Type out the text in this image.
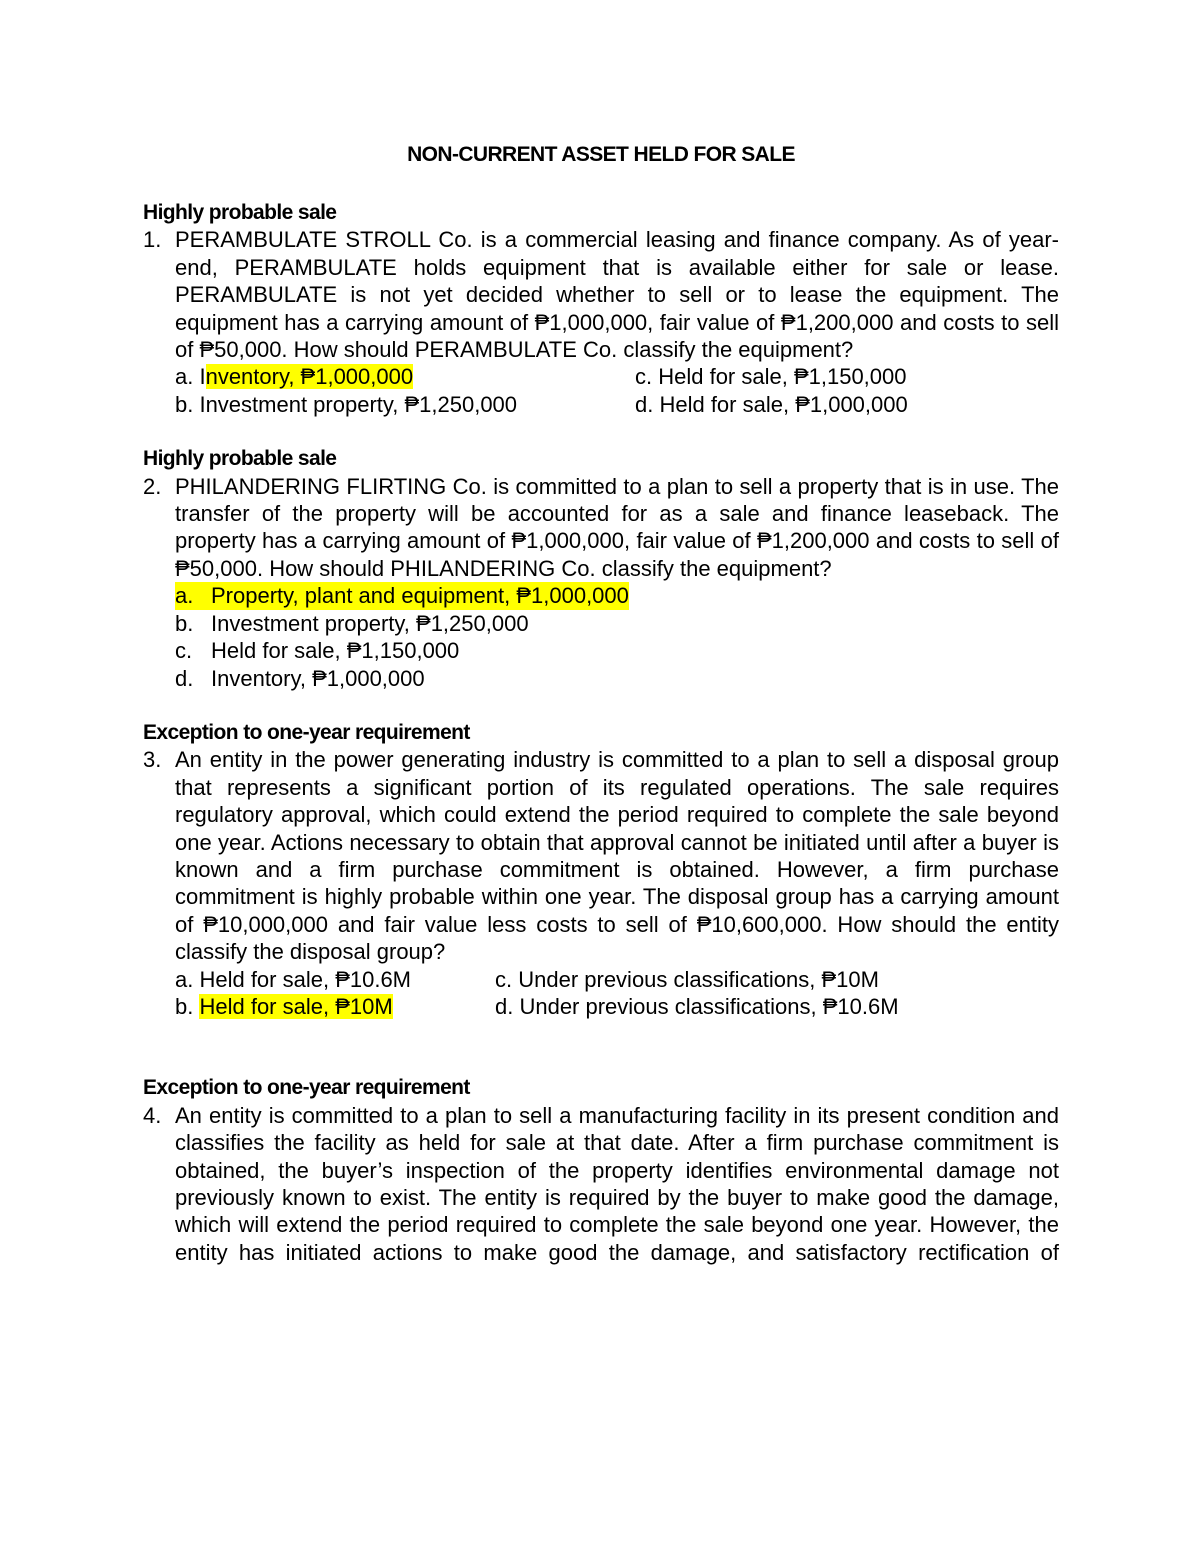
NON-CURRENT ASSET HELD FOR SALE
Highly probable sale
1. PERAMBULATE STROLL Co. is a commercial leasing and finance company. As of year-end, PERAMBULATE holds equipment that is available either for sale or lease. PERAMBULATE is not yet decided whether to sell or to lease the equipment. The equipment has a carrying amount of ₱1,000,000, fair value of ₱1,200,000 and costs to sell of ₱50,000. How should PERAMBULATE Co. classify the equipment?

a. Inventory, ₱1,000,000	c. Held for sale, ₱1,150,000
b. Investment property, ₱1,250,000	d. Held for sale, ₱1,000,000
Highly probable sale
2. PHILANDERING FLIRTING Co. is committed to a plan to sell a property that is in use. The transfer of the property will be accounted for as a sale and finance leaseback. The property has a carrying amount of ₱1,000,000, fair value of ₱1,200,000 and costs to sell of ₱50,000. How should PHILANDERING Co. classify the equipment?

a. Property, plant and equipment, ₱1,000,000
b. Investment property, ₱1,250,000
c. Held for sale, ₱1,150,000
d. Inventory, ₱1,000,000
Exception to one-year requirement
3. An entity in the power generating industry is committed to a plan to sell a disposal group that represents a significant portion of its regulated operations. The sale requires regulatory approval, which could extend the period required to complete the sale beyond one year. Actions necessary to obtain that approval cannot be initiated until after a buyer is known and a firm purchase commitment is obtained. However, a firm purchase commitment is highly probable within one year. The disposal group has a carrying amount of ₱10,000,000 and fair value less costs to sell of ₱10,600,000. How should the entity classify the disposal group?

a. Held for sale, ₱10.6M	c. Under previous classifications, ₱10M
b. Held for sale, ₱10M	d. Under previous classifications, ₱10.6M
Exception to one-year requirement
4. An entity is committed to a plan to sell a manufacturing facility in its present condition and classifies the facility as held for sale at that date. After a firm purchase commitment is obtained, the buyer’s inspection of the property identifies environmental damage not previously known to exist. The entity is required by the buyer to make good the damage, which will extend the period required to complete the sale beyond one year. However, the entity has initiated actions to make good the damage, and satisfactory rectification of
